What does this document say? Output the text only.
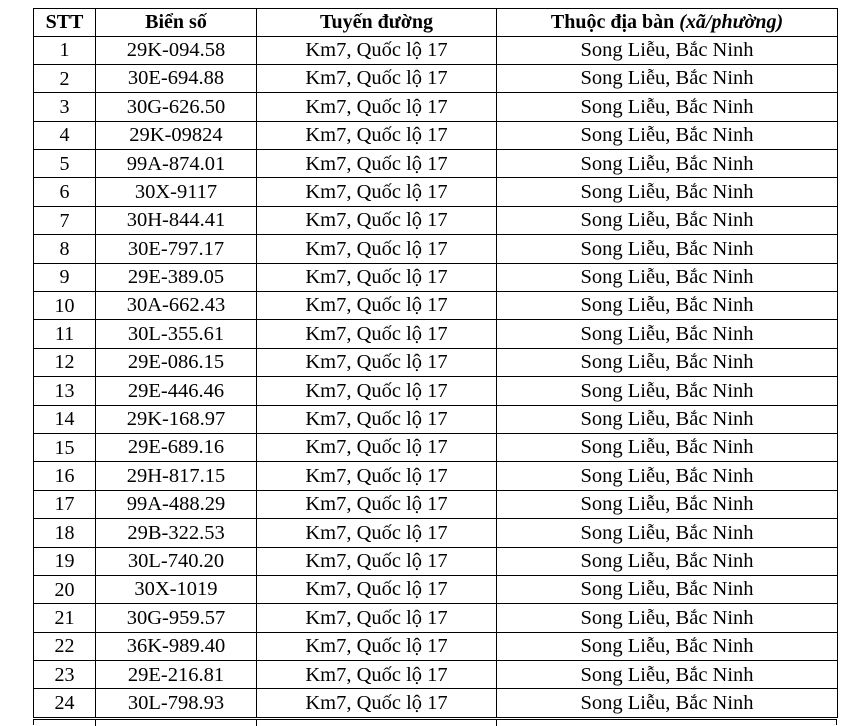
STT	Biển số	Tuyến đường	Thuộc địa bàn (xã/phường)
1	29K-094.58	Km7, Quốc lộ 17	Song Liễu, Bắc Ninh
2	30E-694.88	Km7, Quốc lộ 17	Song Liễu, Bắc Ninh
3	30G-626.50	Km7, Quốc lộ 17	Song Liễu, Bắc Ninh
4	29K-09824	Km7, Quốc lộ 17	Song Liễu, Bắc Ninh
5	99A-874.01	Km7, Quốc lộ 17	Song Liễu, Bắc Ninh
6	30X-9117	Km7, Quốc lộ 17	Song Liễu, Bắc Ninh
7	30H-844.41	Km7, Quốc lộ 17	Song Liễu, Bắc Ninh
8	30E-797.17	Km7, Quốc lộ 17	Song Liễu, Bắc Ninh
9	29E-389.05	Km7, Quốc lộ 17	Song Liễu, Bắc Ninh
10	30A-662.43	Km7, Quốc lộ 17	Song Liễu, Bắc Ninh
11	30L-355.61	Km7, Quốc lộ 17	Song Liễu, Bắc Ninh
12	29E-086.15	Km7, Quốc lộ 17	Song Liễu, Bắc Ninh
13	29E-446.46	Km7, Quốc lộ 17	Song Liễu, Bắc Ninh
14	29K-168.97	Km7, Quốc lộ 17	Song Liễu, Bắc Ninh
15	29E-689.16	Km7, Quốc lộ 17	Song Liễu, Bắc Ninh
16	29H-817.15	Km7, Quốc lộ 17	Song Liễu, Bắc Ninh
17	99A-488.29	Km7, Quốc lộ 17	Song Liễu, Bắc Ninh
18	29B-322.53	Km7, Quốc lộ 17	Song Liễu, Bắc Ninh
19	30L-740.20	Km7, Quốc lộ 17	Song Liễu, Bắc Ninh
20	30X-1019	Km7, Quốc lộ 17	Song Liễu, Bắc Ninh
21	30G-959.57	Km7, Quốc lộ 17	Song Liễu, Bắc Ninh
22	36K-989.40	Km7, Quốc lộ 17	Song Liễu, Bắc Ninh
23	29E-216.81	Km7, Quốc lộ 17	Song Liễu, Bắc Ninh
24	30L-798.93	Km7, Quốc lộ 17	Song Liễu, Bắc Ninh
